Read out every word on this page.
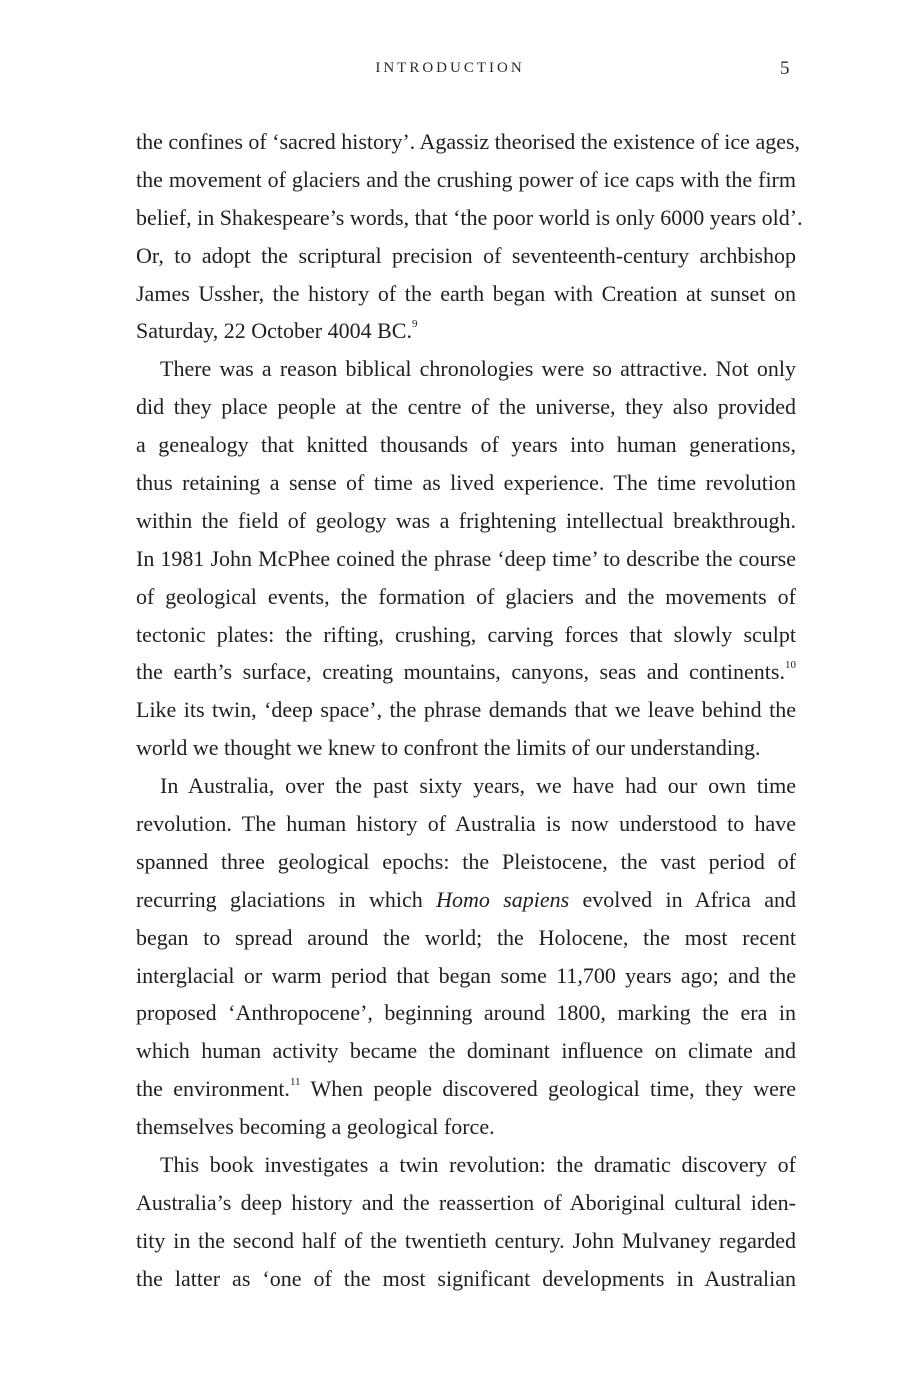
INTRODUCTION	5
the confines of ‘sacred history’. Agassiz theorised the existence of ice ages,
the movement of glaciers and the crushing power of ice caps with the firm
belief, in Shakespeare’s words, that ‘the poor world is only 6000 years old’.
Or, to adopt the scriptural precision of seventeenth-century archbishop
James Ussher, the history of the earth began with Creation at sunset on
Saturday, 22 October 4004 BC.$^9$
There was a reason biblical chronologies were so attractive. Not only
did they place people at the centre of the universe, they also provided
a genealogy that knitted thousands of years into human generations,
thus retaining a sense of time as lived experience. The time revolution
within the field of geology was a frightening intellectual breakthrough.
In 1981 John McPhee coined the phrase ‘deep time’ to describe the course
of geological events, the formation of glaciers and the movements of
tectonic plates: the rifting, crushing, carving forces that slowly sculpt
the earth’s surface, creating mountains, canyons, seas and continents.$^{10}$
Like its twin, ‘deep space’, the phrase demands that we leave behind the
world we thought we knew to confront the limits of our understanding.
In Australia, over the past sixty years, we have had our own time
revolution. The human history of Australia is now understood to have
spanned three geological epochs: the Pleistocene, the vast period of
recurring glaciations in which Homo sapiens evolved in Africa and
began to spread around the world; the Holocene, the most recent
interglacial or warm period that began some 11,700 years ago; and the
proposed ‘Anthropocene’, beginning around 1800, marking the era in
which human activity became the dominant influence on climate and
the environment.$^{11}$ When people discovered geological time, they were
themselves becoming a geological force.
This book investigates a twin revolution: the dramatic discovery of
Australia’s deep history and the reassertion of Aboriginal cultural iden-
tity in the second half of the twentieth century. John Mulvaney regarded
the latter as ‘one of the most significant developments in Australian
